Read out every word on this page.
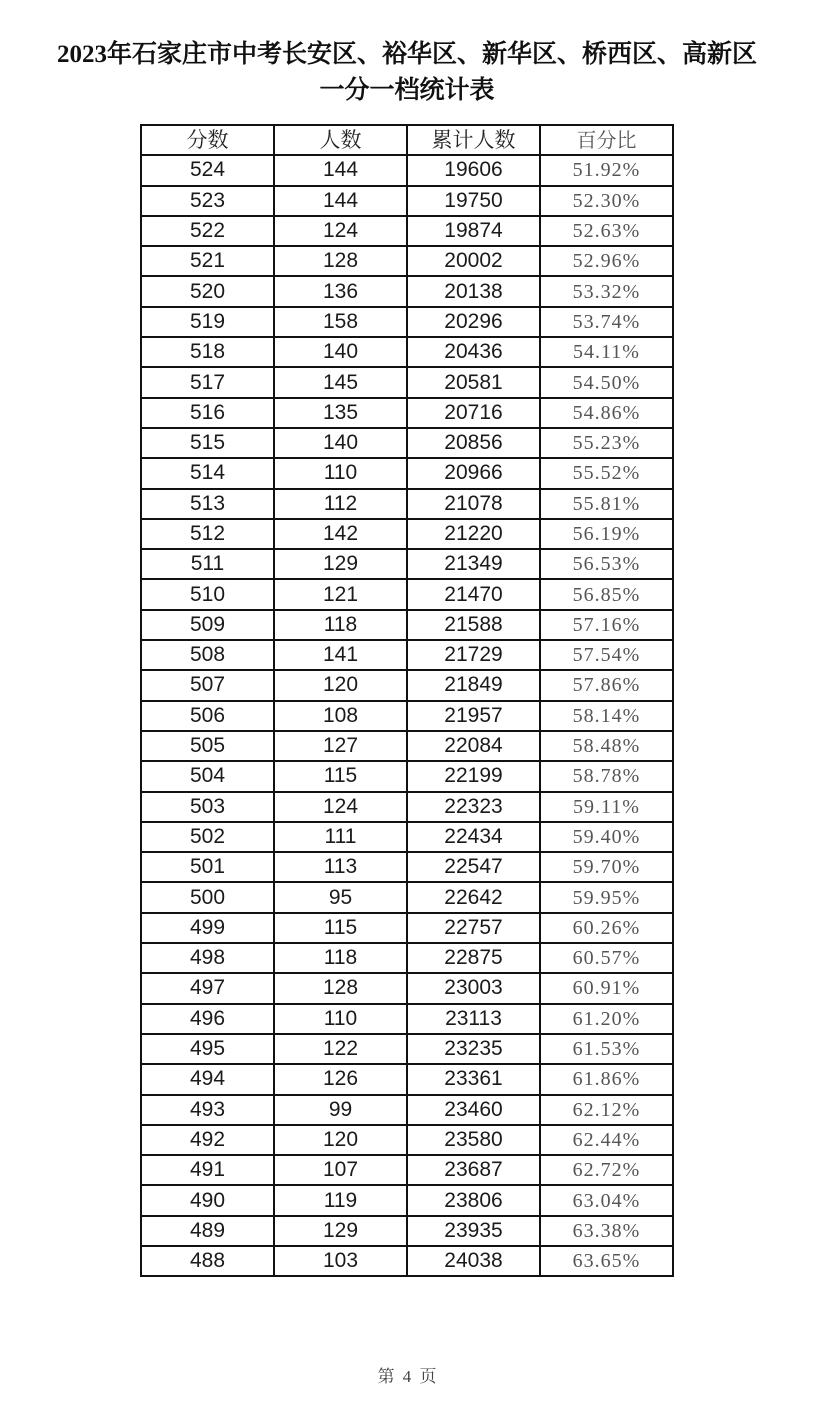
2023年石家庄市中考长安区、裕华区、新华区、桥西区、高新区
一分一档统计表
分数	人数	累计人数	百分比
524	144	19606	51.92%
523	144	19750	52.30%
522	124	19874	52.63%
521	128	20002	52.96%
520	136	20138	53.32%
519	158	20296	53.74%
518	140	20436	54.11%
517	145	20581	54.50%
516	135	20716	54.86%
515	140	20856	55.23%
514	110	20966	55.52%
513	112	21078	55.81%
512	142	21220	56.19%
511	129	21349	56.53%
510	121	21470	56.85%
509	118	21588	57.16%
508	141	21729	57.54%
507	120	21849	57.86%
506	108	21957	58.14%
505	127	22084	58.48%
504	115	22199	58.78%
503	124	22323	59.11%
502	111	22434	59.40%
501	113	22547	59.70%
500	95	22642	59.95%
499	115	22757	60.26%
498	118	22875	60.57%
497	128	23003	60.91%
496	110	23113	61.20%
495	122	23235	61.53%
494	126	23361	61.86%
493	99	23460	62.12%
492	120	23580	62.44%
491	107	23687	62.72%
490	119	23806	63.04%
489	129	23935	63.38%
488	103	24038	63.65%
第 4 页
